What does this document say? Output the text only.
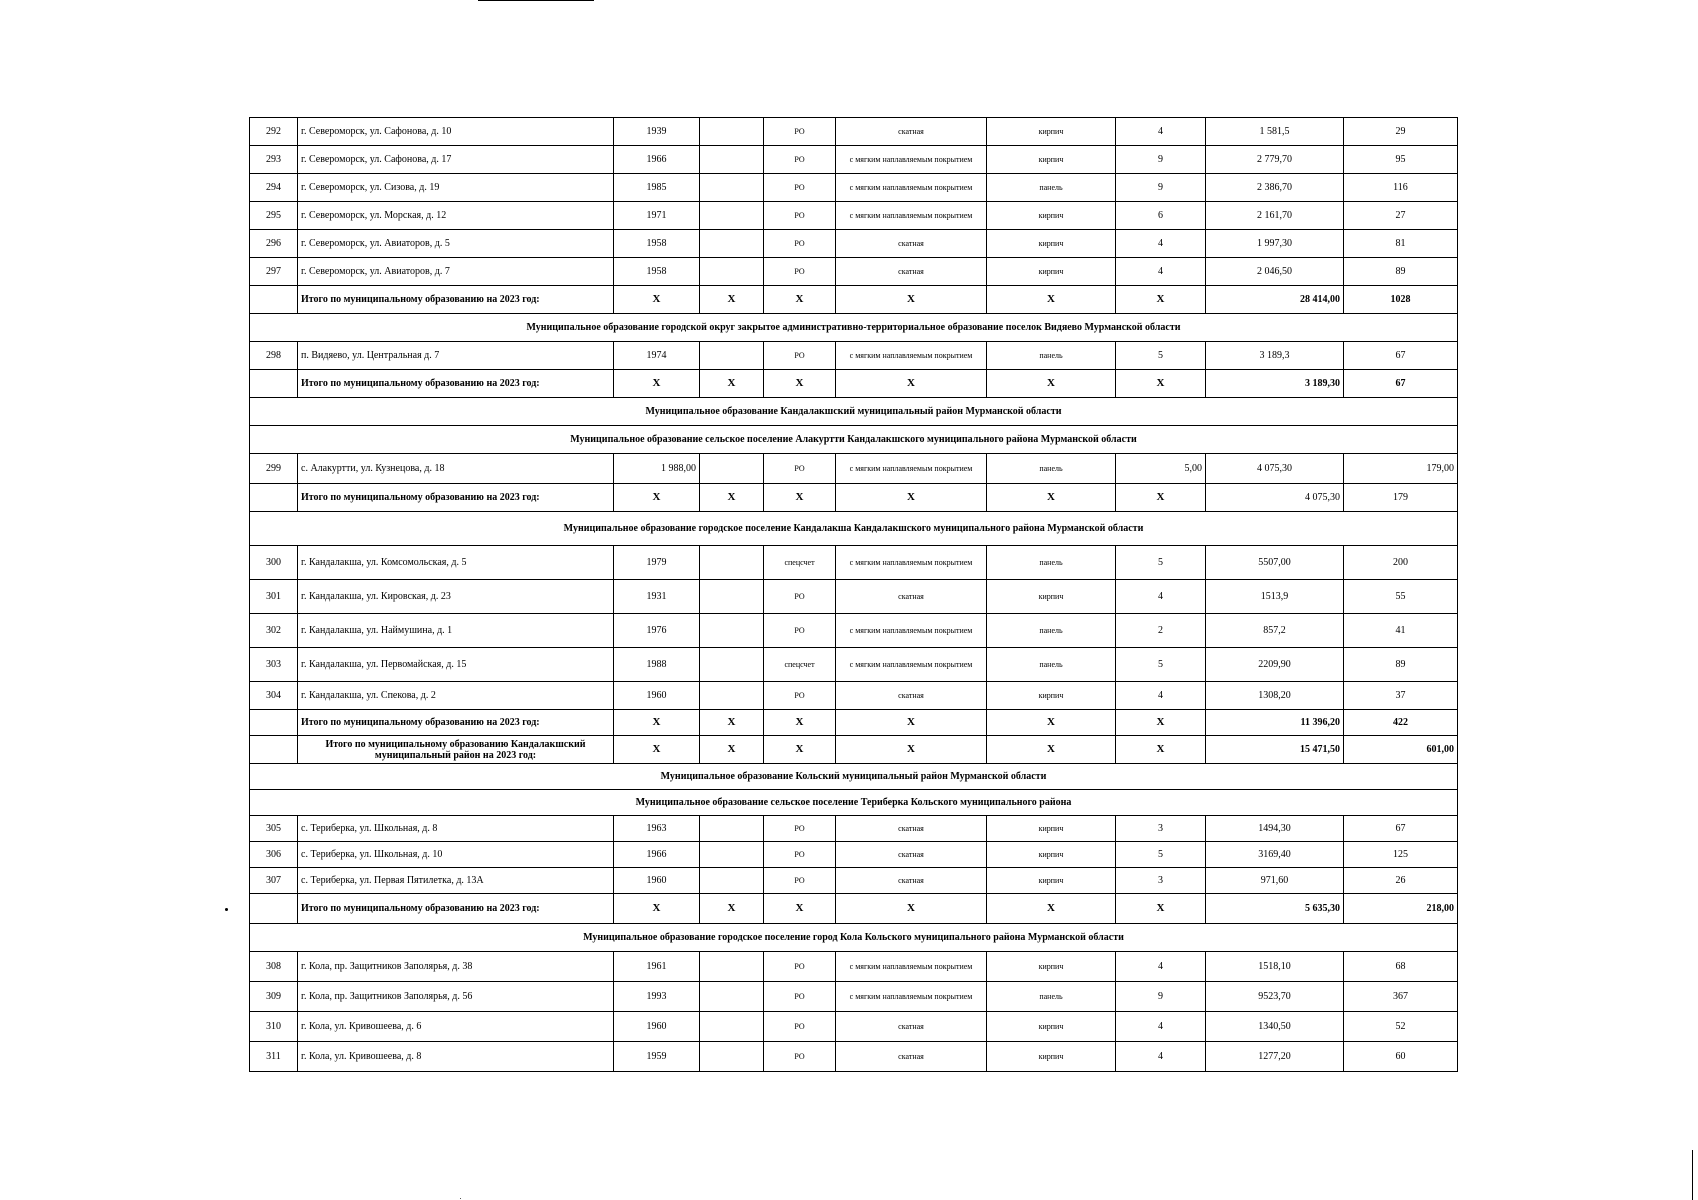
292	г. Североморск, ул. Сафонова, д. 10	1939		РО	скатная	кирпич	4	1 581,5	29
293	г. Североморск, ул. Сафонова, д. 17	1966		РО	с мягким наплавляемым покрытием	кирпич	9	2 779,70	95
294	г. Североморск, ул. Сизова, д. 19	1985		РО	с мягким наплавляемым покрытием	панель	9	2 386,70	116
295	г. Североморск, ул. Морская, д. 12	1971		РО	с мягким наплавляемым покрытием	кирпич	6	2 161,70	27
296	г. Североморск, ул. Авиаторов, д. 5	1958		РО	скатная	кирпич	4	1 997,30	81
297	г. Североморск, ул. Авиаторов, д. 7	1958		РО	скатная	кирпич	4	2 046,50	89
	Итого по муниципальному образованию на 2023 год:	X	X	X	X	X	X	28 414,00	1028
Муниципальное образование городской округ закрытое административно-территориальное образование поселок Видяево Мурманской области									
298	п. Видяево, ул. Центральная д. 7	1974		РО	с мягким наплавляемым покрытием	панель	5	3 189,3	67
	Итого по муниципальному образованию на 2023 год:	X	X	X	X	X	X	3 189,30	67
Муниципальное образование Кандалакшский муниципальный район Мурманской области									
Муниципальное образование сельское поселение Алакуртти Кандалакшского муниципального района Мурманской области									
299	с. Алакуртти, ул. Кузнецова, д. 18	1 988,00		РО	с мягким наплавляемым покрытием	панель	5,00	4 075,30	179,00
	Итого по муниципальному образованию на 2023 год:	X	X	X	X	X	X	4 075,30	179
Муниципальное образование городское поселение Кандалакша Кандалакшского муниципального района Мурманской области									
300	г. Кандалакша, ул. Комсомольская, д. 5	1979		спецсчет	с мягким наплавляемым покрытием	панель	5	5507,00	200
301	г. Кандалакша, ул. Кировская, д. 23	1931		РО	скатная	кирпич	4	1513,9	55
302	г. Кандалакша, ул. Наймушина, д. 1	1976		РО	с мягким наплавляемым покрытием	панель	2	857,2	41
303	г. Кандалакша, ул. Первомайская, д. 15	1988		спецсчет	с мягким наплавляемым покрытием	панель	5	2209,90	89
304	г. Кандалакша, ул. Спекова, д. 2	1960		РО	скатная	кирпич	4	1308,20	37
	Итого по муниципальному образованию на 2023 год:	X	X	X	X	X	X	11 396,20	422
	Итого по муниципальному образованию Кандалакшский муниципальный район на 2023 год:	X	X	X	X	X	X	15 471,50	601,00
Муниципальное образование Кольский муниципальный район Мурманской области									
Муниципальное образование сельское поселение Териберка Кольского муниципального района									
305	с. Териберка, ул. Школьная, д. 8	1963		РО	скатная	кирпич	3	1494,30	67
306	с. Териберка, ул. Школьная, д. 10	1966		РО	скатная	кирпич	5	3169,40	125
307	с. Териберка, ул. Первая Пятилетка, д. 13А	1960		РО	скатная	кирпич	3	971,60	26
	Итого по муниципальному образованию на 2023 год:	X	X	X	X	X	X	5 635,30	218,00
Муниципальное образование городское поселение город Кола Кольского муниципального района Мурманской области									
308	г. Кола, пр. Защитников Заполярья, д. 38	1961		РО	с мягким наплавляемым покрытием	кирпич	4	1518,10	68
309	г. Кола, пр. Защитников Заполярья, д. 56	1993		РО	с мягким наплавляемым покрытием	панель	9	9523,70	367
310	г. Кола, ул. Кривошеева, д. 6	1960		РО	скатная	кирпич	4	1340,50	52
311	г. Кола, ул. Кривошеева, д. 8	1959		РО	скатная	кирпич	4	1277,20	60
